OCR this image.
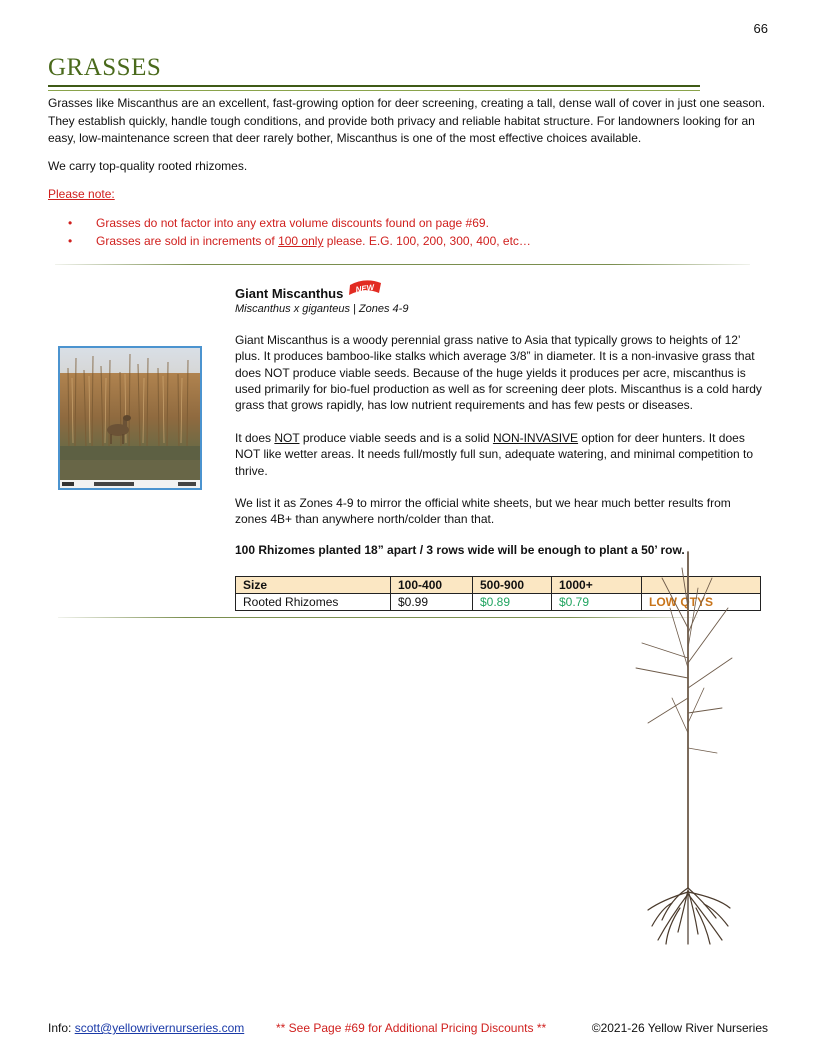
66
GRASSES
Grasses like Miscanthus are an excellent, fast-growing option for deer screening, creating a tall, dense wall of cover in just one season. They establish quickly, handle tough conditions, and provide both privacy and reliable habitat structure. For landowners looking for an easy, low-maintenance screen that deer rarely bother, Miscanthus is one of the most effective choices available.
We carry top-quality rooted rhizomes.
Please note:
• Grasses do not factor into any extra volume discounts found on page #69.
• Grasses are sold in increments of 100 only please. E.G. 100, 200, 300, 400, etc…
Giant Miscanthus NEW
Miscanthus x giganteus | Zones 4-9
Giant Miscanthus is a woody perennial grass native to Asia that typically grows to heights of 12’ plus. It produces bamboo-like stalks which average 3/8” in diameter. It is a non-invasive grass that does NOT produce viable seeds. Because of the huge yields it produces per acre, miscanthus is used primarily for bio-fuel production as well as for screening deer plots. Miscanthus is a cold hardy grass that grows rapidly, has low nutrient requirements and has few pests or diseases.
It does NOT produce viable seeds and is a solid NON-INVASIVE option for deer hunters. It does NOT like wetter areas. It needs full/mostly full sun, adequate watering, and minimal competition to thrive.
We list it as Zones 4-9 to mirror the official white sheets, but we hear much better results from zones 4B+ than anywhere north/colder than that.
100 Rhizomes planted 18” apart / 3 rows wide will be enough to plant a 50’ row.
Size	100-400	500-900	1000+	
Rooted Rhizomes	$0.99	$0.89	$0.79	LOW QTYS
Info: scott@yellowrivernurseries.com	** See Page #69 for Additional Pricing Discounts **	©2021-26 Yellow River Nurseries
